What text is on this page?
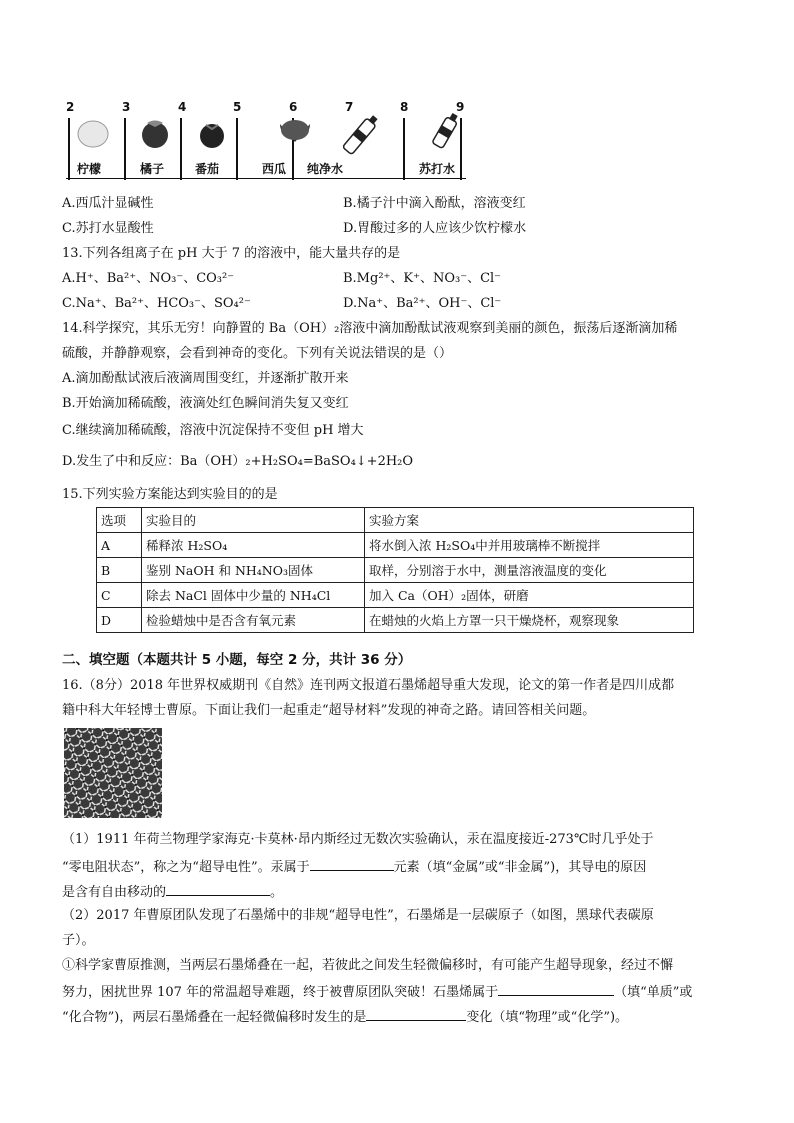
2	3	4	5	6	7	8	9
柠檬	橘子	番茄	西瓜 纯净水	苏打水
A.西瓜汁显碱性	B.橘子汁中滴入酚酞，溶液变红
C.苏打水显酸性	D.胃酸过多的人应该少饮柠檬水
13.下列各组离子在 pH 大于 7 的溶液中，能大量共存的是
A.H⁺、Ba²⁺、NO₃⁻、CO₃²⁻	B.Mg²⁺、K⁺、NO₃⁻、Cl⁻
C.Na⁺、Ba²⁺、HCO₃⁻、SO₄²⁻	D.Na⁺、Ba²⁺、OH⁻、Cl⁻
14.科学探究，其乐无穷！向静置的 Ba（OH）₂溶液中滴加酚酞试液观察到美丽的颜色，振荡后逐渐滴加稀
硫酸，并静静观察，会看到神奇的变化。下列有关说法错误的是（）
A.滴加酚酞试液后液滴周围变红，并逐渐扩散开来
B.开始滴加稀硫酸，液滴处红色瞬间消失复又变红
C.继续滴加稀硫酸，溶液中沉淀保持不变但 pH 增大
D.发生了中和反应：Ba（OH）₂+H₂SO₄=BaSO₄↓+2H₂O
15.下列实验方案能达到实验目的的是
选项	实验目的	实验方案
A	稀释浓 H₂SO₄	将水倒入浓 H₂SO₄中并用玻璃棒不断搅拌
B	鉴别 NaOH 和 NH₄NO₃固体	取样，分别溶于水中，测量溶液温度的变化
C	除去 NaCl 固体中少量的 NH₄Cl	加入 Ca（OH）₂固体，研磨
D	检验蜡烛中是否含有氧元素	在蜡烛的火焰上方罩一只干燥烧杯，观察现象
二、填空题（本题共计 5 小题，每空 2 分，共计 36 分）
16.（8分）2018 年世界权威期刊《自然》连刊两文报道石墨烯超导重大发现，论文的第一作者是四川成都
籍中科大年轻博士曹原。下面让我们一起重走“超导材料”发现的神奇之路。请回答相关问题。
（1）1911 年荷兰物理学家海克·卡莫林·昂内斯经过无数次实验确认，汞在温度接近-273℃时几乎处于
“零电阻状态”，称之为“超导电性”。汞属于	元素（填“金属”或“非金属”)，其导电的原因
是含有自由移动的	。
（2）2017 年曹原团队发现了石墨烯中的非规“超导电性”，石墨烯是一层碳原子（如图，黑球代表碳原
子）。
①科学家曹原推测，当两层石墨烯叠在一起，若彼此之间发生轻微偏移时，有可能产生超导现象，经过不懈
努力，困扰世界 107 年的常温超导难题，终于被曹原团队突破！石墨烯属于	（填“单质”或
“化合物”)，两层石墨烯叠在一起轻微偏移时发生的是	变化（填“物理”或“化学”)。
